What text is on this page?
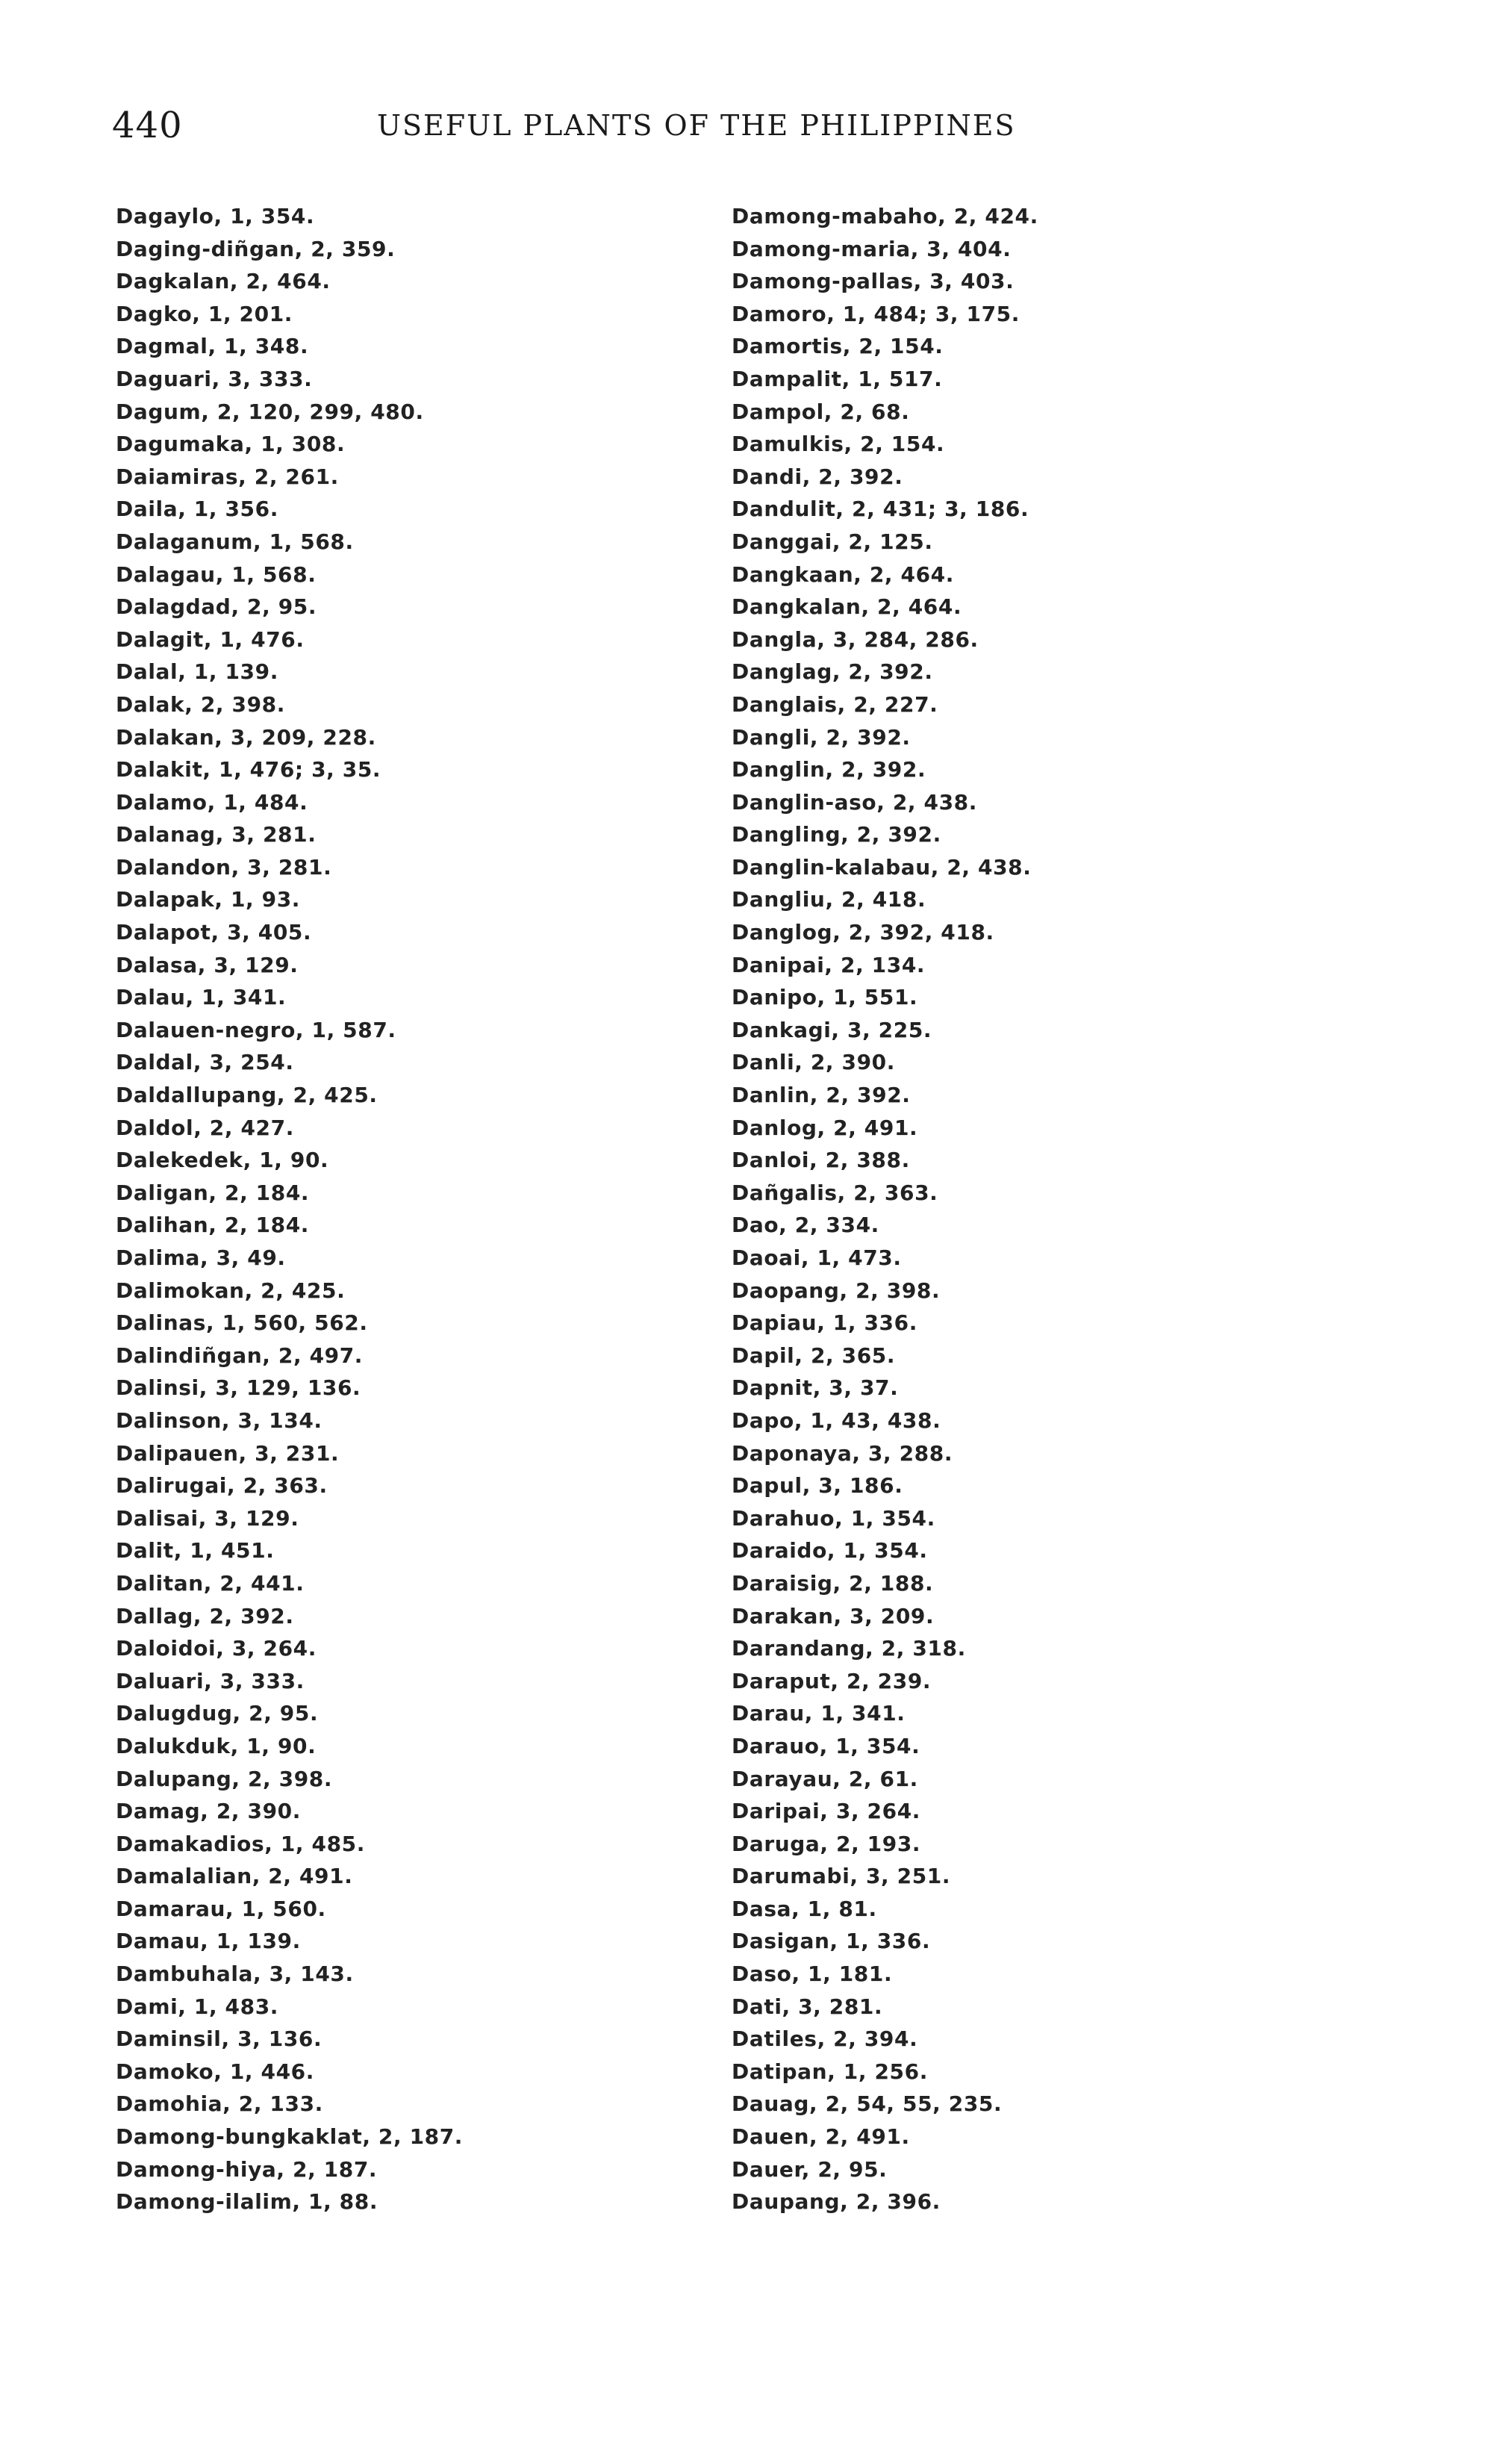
440	USEFUL PLANTS OF THE PHILIPPINES
Dagaylo, 1, 354.
Daging-diñgan, 2, 359.
Dagkalan, 2, 464.
Dagko, 1, 201.
Dagmal, 1, 348.
Daguari, 3, 333.
Dagum, 2, 120, 299, 480.
Dagumaka, 1, 308.
Daiamiras, 2, 261.
Daila, 1, 356.
Dalaganum, 1, 568.
Dalagau, 1, 568.
Dalagdad, 2, 95.
Dalagit, 1, 476.
Dalal, 1, 139.
Dalak, 2, 398.
Dalakan, 3, 209, 228.
Dalakit, 1, 476; 3, 35.
Dalamo, 1, 484.
Dalanag, 3, 281.
Dalandon, 3, 281.
Dalapak, 1, 93.
Dalapot, 3, 405.
Dalasa, 3, 129.
Dalau, 1, 341.
Dalauen-negro, 1, 587.
Daldal, 3, 254.
Daldallupang, 2, 425.
Daldol, 2, 427.
Dalekedek, 1, 90.
Daligan, 2, 184.
Dalihan, 2, 184.
Dalima, 3, 49.
Dalimokan, 2, 425.
Dalinas, 1, 560, 562.
Dalindiñgan, 2, 497.
Dalinsi, 3, 129, 136.
Dalinson, 3, 134.
Dalipauen, 3, 231.
Dalirugai, 2, 363.
Dalisai, 3, 129.
Dalit, 1, 451.
Dalitan, 2, 441.
Dallag, 2, 392.
Daloidoi, 3, 264.
Daluari, 3, 333.
Dalugdug, 2, 95.
Dalukduk, 1, 90.
Dalupang, 2, 398.
Damag, 2, 390.
Damakadios, 1, 485.
Damalalian, 2, 491.
Damarau, 1, 560.
Damau, 1, 139.
Dambuhala, 3, 143.
Dami, 1, 483.
Daminsil, 3, 136.
Damoko, 1, 446.
Damohia, 2, 133.
Damong-bungkaklat, 2, 187.
Damong-hiya, 2, 187.
Damong-ilalim, 1, 88.
Damong-mabaho, 2, 424.
Damong-maria, 3, 404.
Damong-pallas, 3, 403.
Damoro, 1, 484; 3, 175.
Damortis, 2, 154.
Dampalit, 1, 517.
Dampol, 2, 68.
Damulkis, 2, 154.
Dandi, 2, 392.
Dandulit, 2, 431; 3, 186.
Danggai, 2, 125.
Dangkaan, 2, 464.
Dangkalan, 2, 464.
Dangla, 3, 284, 286.
Danglag, 2, 392.
Danglais, 2, 227.
Dangli, 2, 392.
Danglin, 2, 392.
Danglin-aso, 2, 438.
Dangling, 2, 392.
Danglin-kalabau, 2, 438.
Dangliu, 2, 418.
Danglog, 2, 392, 418.
Danipai, 2, 134.
Danipo, 1, 551.
Dankagi, 3, 225.
Danli, 2, 390.
Danlin, 2, 392.
Danlog, 2, 491.
Danloi, 2, 388.
Dañgalis, 2, 363.
Dao, 2, 334.
Daoai, 1, 473.
Daopang, 2, 398.
Dapiau, 1, 336.
Dapil, 2, 365.
Dapnit, 3, 37.
Dapo, 1, 43, 438.
Daponaya, 3, 288.
Dapul, 3, 186.
Darahuo, 1, 354.
Daraido, 1, 354.
Daraisig, 2, 188.
Darakan, 3, 209.
Darandang, 2, 318.
Daraput, 2, 239.
Darau, 1, 341.
Darauo, 1, 354.
Darayau, 2, 61.
Daripai, 3, 264.
Daruga, 2, 193.
Darumabi, 3, 251.
Dasa, 1, 81.
Dasigan, 1, 336.
Daso, 1, 181.
Dati, 3, 281.
Datiles, 2, 394.
Datipan, 1, 256.
Dauag, 2, 54, 55, 235.
Dauen, 2, 491.
Dauer, 2, 95.
Daupang, 2, 396.
